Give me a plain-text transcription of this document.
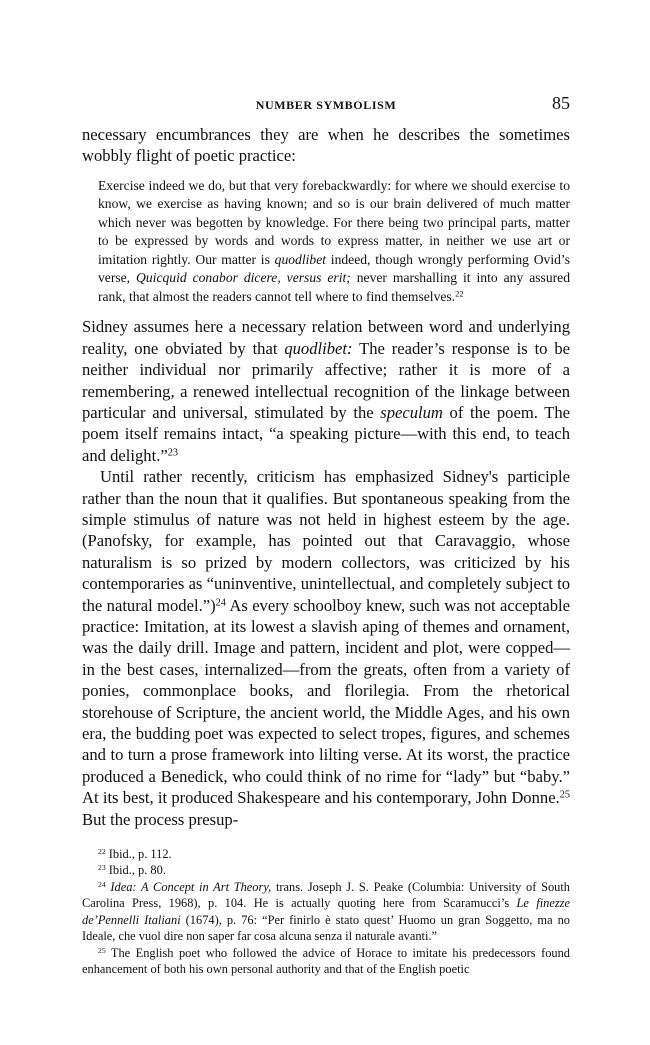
NUMBER SYMBOLISM	85

necessary encumbrances they are when he describes the sometimes wobbly flight of poetic practice:

Exercise indeed we do, but that very forebackwardly: for where we should exercise to know, we exercise as having known; and so is our brain delivered of much matter which never was begotten by knowledge. For there being two principal parts, matter to be expressed by words and words to express matter, in neither we use art or imitation rightly. Our matter is quodlibet indeed, though wrongly performing Ovid’s verse, Quicquid conabor dicere, versus erit; never marshalling it into any assured rank, that almost the readers cannot tell where to find themselves.$^{22}$

Sidney assumes here a necessary relation between word and underlying reality, one obviated by that quodlibet: The reader’s response is to be neither individual nor primarily affective; rather it is more of a remembering, a renewed intellectual recognition of the linkage between particular and universal, stimulated by the speculum of the poem. The poem itself remains intact, “a speaking picture—with this end, to teach and delight.”$^{23}$

Until rather recently, criticism has emphasized Sidney's participle rather than the noun that it qualifies. But spontaneous speaking from the simple stimulus of nature was not held in highest esteem by the age. (Panofsky, for example, has pointed out that Caravaggio, whose naturalism is so prized by modern collectors, was criticized by his contemporaries as “uninventive, unintellectual, and completely subject to the natural model.”)$^{24}$ As every schoolboy knew, such was not acceptable practice: Imitation, at its lowest a slavish aping of themes and ornament, was the daily drill. Image and pattern, incident and plot, were copped—in the best cases, internalized—from the greats, often from a variety of ponies, commonplace books, and florilegia. From the rhetorical storehouse of Scripture, the ancient world, the Middle Ages, and his own era, the budding poet was expected to select tropes, figures, and schemes and to turn a prose framework into lilting verse. At its worst, the practice produced a Benedick, who could think of no rime for “lady” but “baby.” At its best, it produced Shakespeare and his contemporary, John Donne.$^{25}$ But the process presup-

$^{22}$ Ibid., p. 112.

$^{23}$ Ibid., p. 80.

$^{24}$ Idea: A Concept in Art Theory, trans. Joseph J. S. Peake (Columbia: University of South Carolina Press, 1968), p. 104. He is actually quoting here from Scaramucci’s Le finezze de’Pennelli Italiani (1674), p. 76: “Per finirlo è stato quest’ Huomo un gran Soggetto, ma no Ideale, che vuol dire non saper far cosa alcuna senza il naturale avanti.”

$^{25}$ The English poet who followed the advice of Horace to imitate his predecessors found enhancement of both his own personal authority and that of the English poetic
